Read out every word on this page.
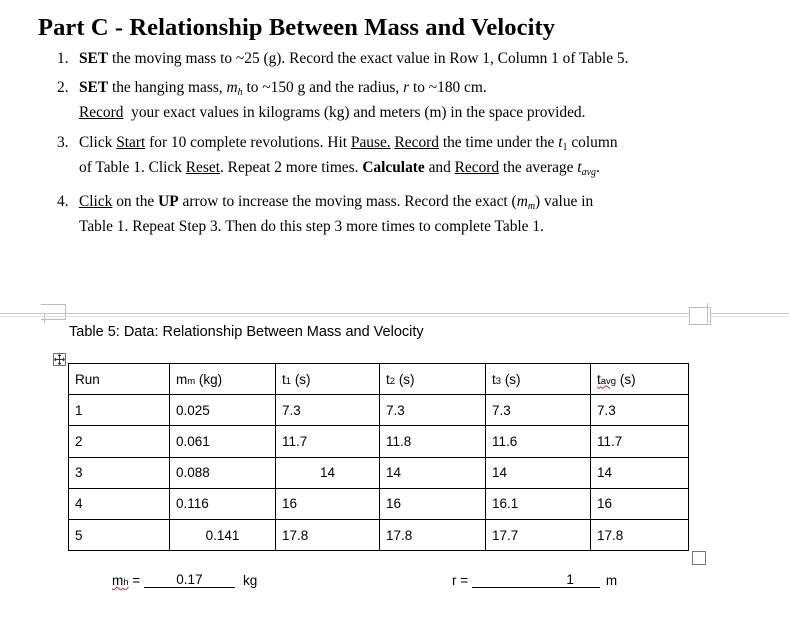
Part C - Relationship Between Mass and Velocity
1. SET the moving mass to ~25 (g). Record the exact value in Row 1, Column 1 of Table 5.
2. SET the hanging mass, $m_h$ to ~150 g and the radius, r to ~180 cm.
Record  your exact values in kilograms (kg) and meters (m) in the space provided.
3. Click Start for 10 complete revolutions. Hit Pause. Record the time under the $t_1$ column
of Table 1. Click Reset. Repeat 2 more times. Calculate and Record the average $t_{avg}$.
4. Click on the UP arrow to increase the moving mass. Record the exact $(m_m)$ value in
Table 1. Repeat Step 3. Then do this step 3 more times to complete Table 1.
Table 5: Data: Relationship Between Mass and Velocity
Run	mm (kg)	t1 (s)	t2 (s)	t3 (s)	tavg (s)
1	0.025	7.3	7.3	7.3	7.3
2	0.061	11.7	11.8	11.6	11.7
3	0.088	14	14	14	14
4	0.116	16	16	16.1	16
5	0.141	17.8	17.8	17.7	17.8
mh = 0.17	kg	r =	1 m
